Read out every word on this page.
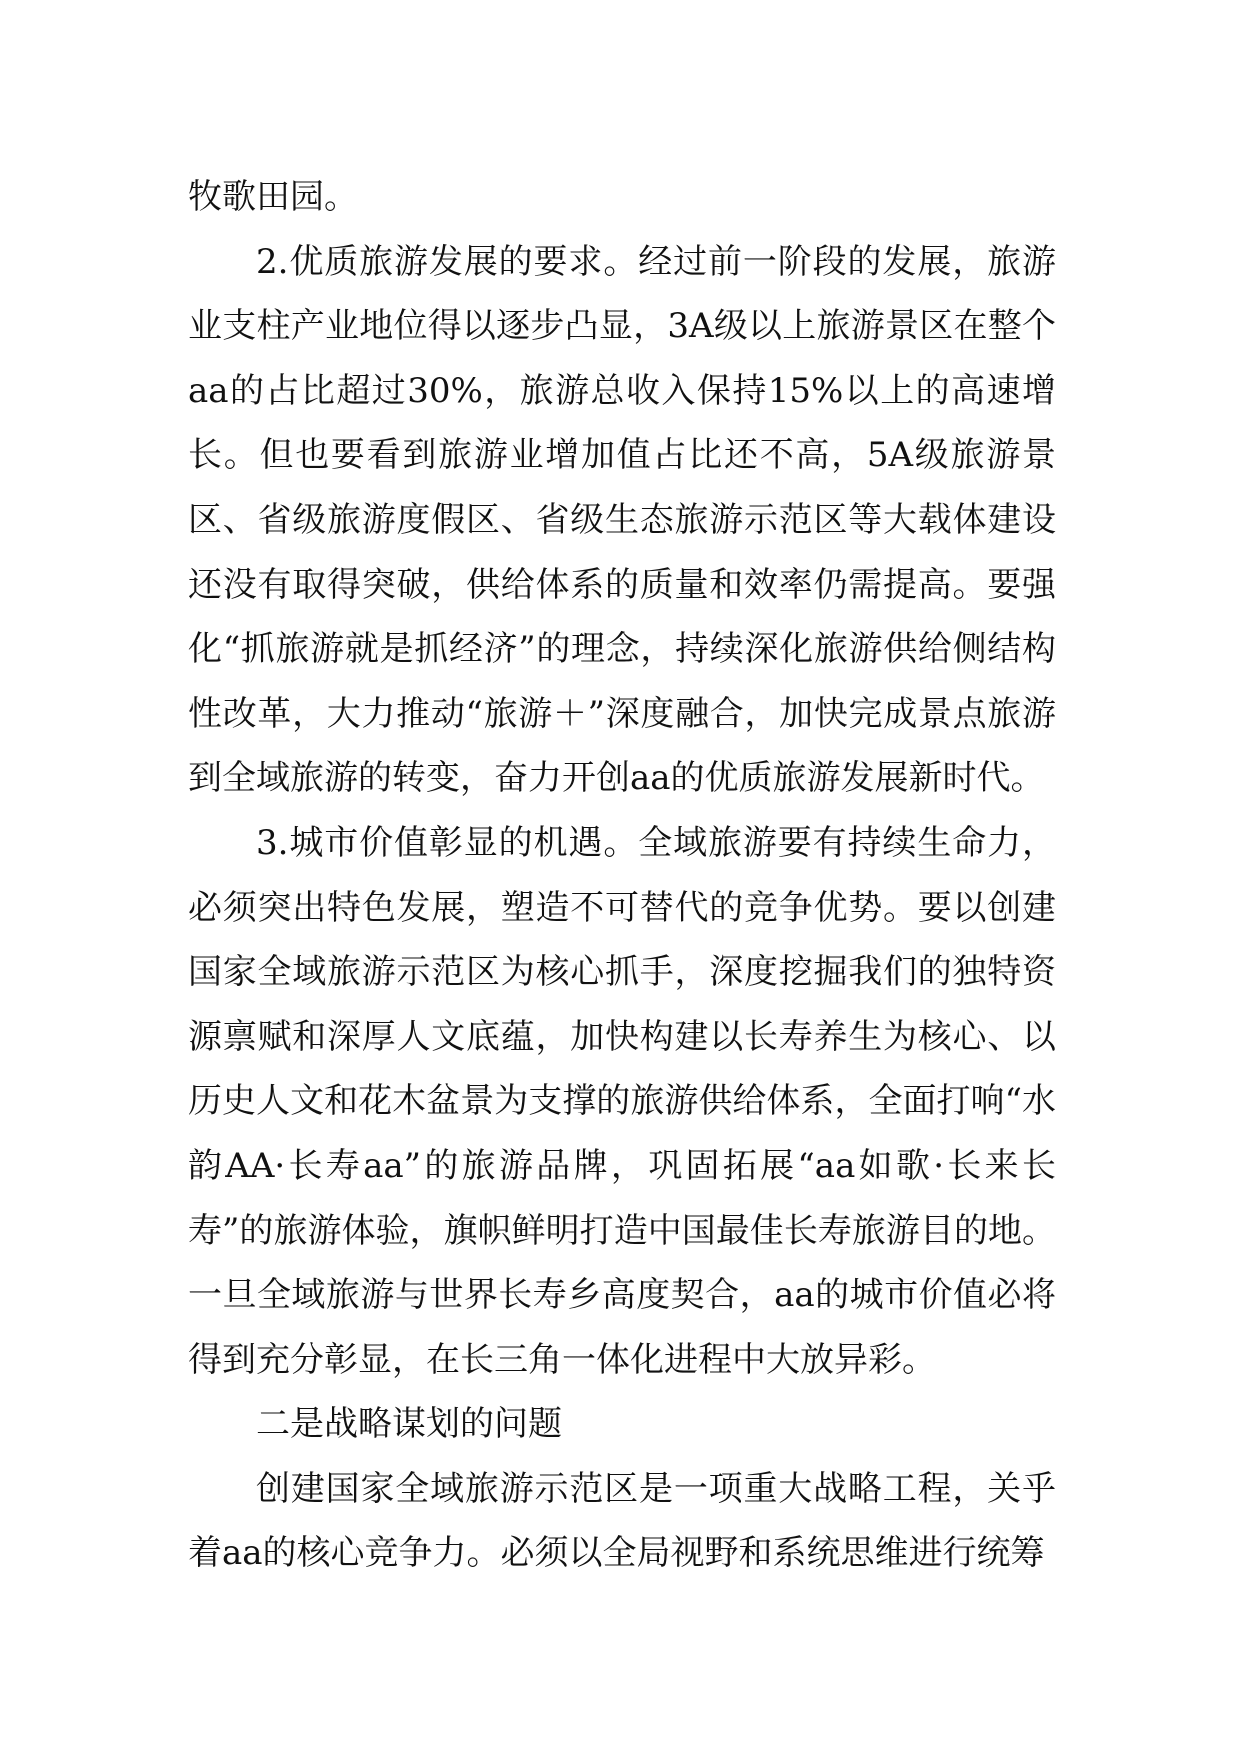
牧歌田园。

2.优质旅游发展的要求。经过前一阶段的发展，旅游业支柱产业地位得以逐步凸显，3A级以上旅游景区在整个aa的占比超过30%，旅游总收入保持15%以上的高速增长。但也要看到旅游业增加值占比还不高，5A级旅游景区、省级旅游度假区、省级生态旅游示范区等大载体建设还没有取得突破，供给体系的质量和效率仍需提高。要强化“抓旅游就是抓经济”的理念，持续深化旅游供给侧结构性改革，大力推动“旅游＋”深度融合，加快完成景点旅游到全域旅游的转变，奋力开创aa的优质旅游发展新时代。

3.城市价值彰显的机遇。全域旅游要有持续生命力，必须突出特色发展，塑造不可替代的竞争优势。要以创建国家全域旅游示范区为核心抓手，深度挖掘我们的独特资源禀赋和深厚人文底蕴，加快构建以长寿养生为核心、以历史人文和花木盆景为支撑的旅游供给体系，全面打响“水韵AA·长寿aa”的旅游品牌，巩固拓展“aa如歌·长来长寿”的旅游体验，旗帜鲜明打造中国最佳长寿旅游目的地。一旦全域旅游与世界长寿乡高度契合，aa的城市价值必将得到充分彰显，在长三角一体化进程中大放异彩。

二是战略谋划的问题

创建国家全域旅游示范区是一项重大战略工程，关乎着aa的核心竞争力。必须以全局视野和系统思维进行统筹
